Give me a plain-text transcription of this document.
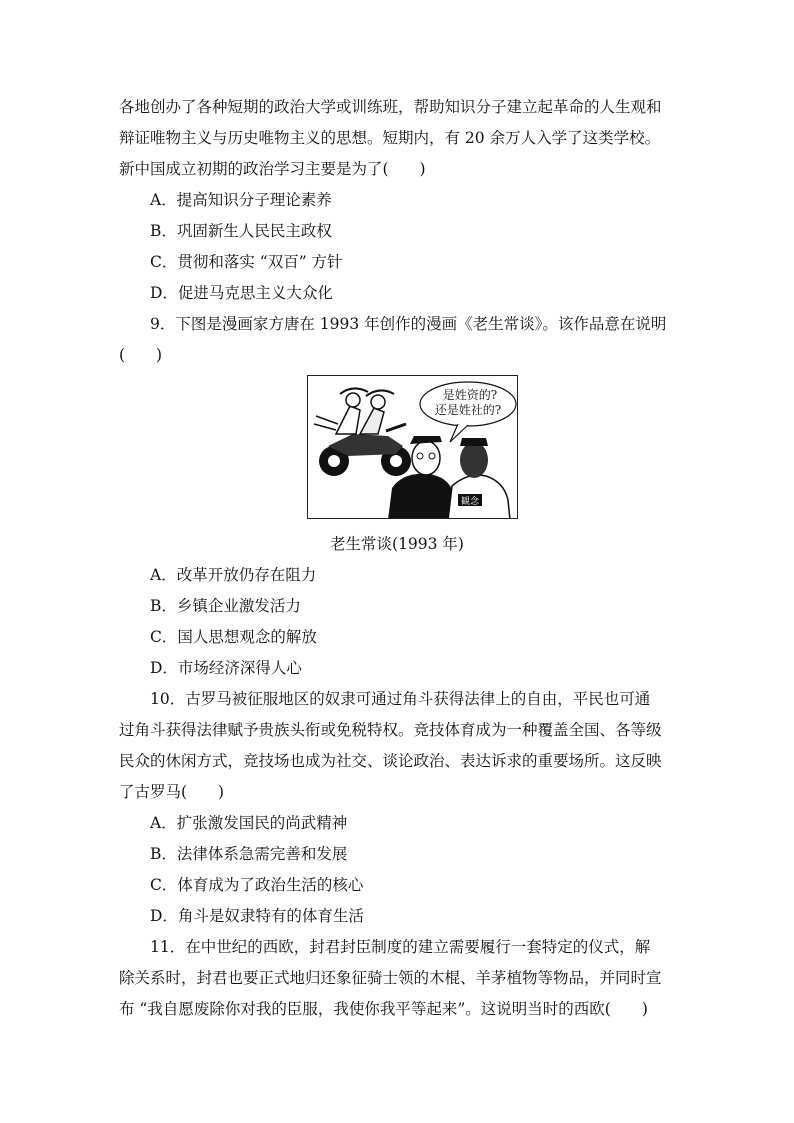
各地创办了各种短期的政治大学或训练班，帮助知识分子建立起革命的人生观和
辩证唯物主义与历史唯物主义的思想。短期内，有 20 余万人入学了这类学校。
新中国成立初期的政治学习主要是为了(　　)
A．提高知识分子理论素养
B．巩固新生人民民主政权
C．贯彻和落实 “双百” 方针
D．促进马克思主义大众化
9．下图是漫画家方唐在 1993 年创作的漫画《老生常谈》。该作品意在说明
(　　)
観念
是姓资的?
还是姓社的?
老生常谈(1993 年)
A．改革开放仍存在阻力
B．乡镇企业激发活力
C．国人思想观念的解放
D．市场经济深得人心
10．古罗马被征服地区的奴隶可通过角斗获得法律上的自由，平民也可通
过角斗获得法律赋予贵族头衔或免税特权。竞技体育成为一种覆盖全国、各等级
民众的休闲方式，竞技场也成为社交、谈论政治、表达诉求的重要场所。这反映
了古罗马(　　)
A．扩张激发国民的尚武精神
B．法律体系急需完善和发展
C．体育成为了政治生活的核心
D．角斗是奴隶特有的体育生活
11．在中世纪的西欧，封君封臣制度的建立需要履行一套特定的仪式，解
除关系时，封君也要正式地归还象征骑士领的木棍、羊茅植物等物品，并同时宣
布 “我自愿废除你对我的臣服，我使你我平等起来”。这说明当时的西欧(　　)
